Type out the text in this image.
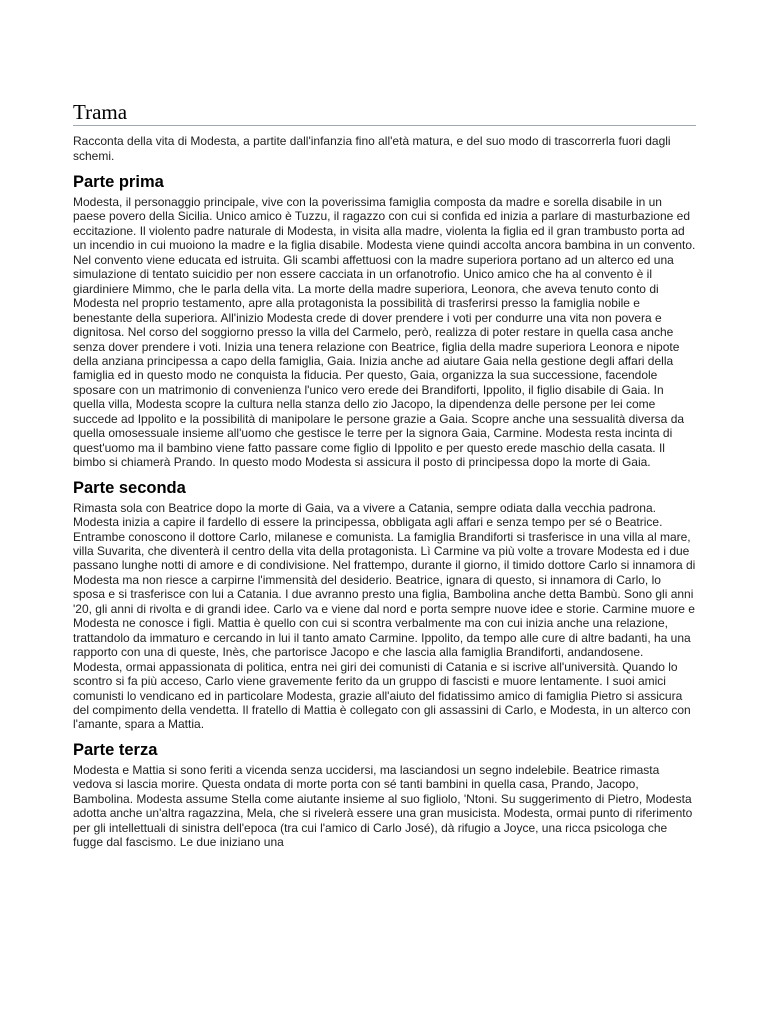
Trama

Racconta della vita di Modesta, a partite dall'infanzia fino all'età matura, e del suo modo di trascorrerla fuori dagli schemi.

Parte prima

Modesta, il personaggio principale, vive con la poverissima famiglia composta da madre e sorella disabile in un paese povero della Sicilia. Unico amico è Tuzzu, il ragazzo con cui si confida ed inizia a parlare di masturbazione ed eccitazione. Il violento padre naturale di Modesta, in visita alla madre, violenta la figlia ed il gran trambusto porta ad un incendio in cui muoiono la madre e la figlia disabile. Modesta viene quindi accolta ancora bambina in un convento. Nel convento viene educata ed istruita. Gli scambi affettuosi con la madre superiora portano ad un alterco ed una simulazione di tentato suicidio per non essere cacciata in un orfanotrofio. Unico amico che ha al convento è il giardiniere Mimmo, che le parla della vita. La morte della madre superiora, Leonora, che aveva tenuto conto di Modesta nel proprio testamento, apre alla protagonista la possibilità di trasferirsi presso la famiglia nobile e benestante della superiora. All'inizio Modesta crede di dover prendere i voti per condurre una vita non povera e dignitosa. Nel corso del soggiorno presso la villa del Carmelo, però, realizza di poter restare in quella casa anche senza dover prendere i voti. Inizia una tenera relazione con Beatrice, figlia della madre superiora Leonora e nipote della anziana principessa a capo della famiglia, Gaia. Inizia anche ad aiutare Gaia nella gestione degli affari della famiglia ed in questo modo ne conquista la fiducia. Per questo, Gaia, organizza la sua successione, facendole sposare con un matrimonio di convenienza l'unico vero erede dei Brandiforti, Ippolito, il figlio disabile di Gaia. In quella villa, Modesta scopre la cultura nella stanza dello zio Jacopo, la dipendenza delle persone per lei come succede ad Ippolito e la possibilità di manipolare le persone grazie a Gaia. Scopre anche una sessualità diversa da quella omosessuale insieme all'uomo che gestisce le terre per la signora Gaia, Carmine. Modesta resta incinta di quest'uomo ma il bambino viene fatto passare come figlio di Ippolito e per questo erede maschio della casata. Il bimbo si chiamerà Prando. In questo modo Modesta si assicura il posto di principessa dopo la morte di Gaia.

Parte seconda

Rimasta sola con Beatrice dopo la morte di Gaia, va a vivere a Catania, sempre odiata dalla vecchia padrona. Modesta inizia a capire il fardello di essere la principessa, obbligata agli affari e senza tempo per sé o Beatrice. Entrambe conoscono il dottore Carlo, milanese e comunista. La famiglia Brandiforti si trasferisce in una villa al mare, villa Suvarita, che diventerà il centro della vita della protagonista. Lì Carmine va più volte a trovare Modesta ed i due passano lunghe notti di amore e di condivisione. Nel frattempo, durante il giorno, il timido dottore Carlo si innamora di Modesta ma non riesce a carpirne l'immensità del desiderio. Beatrice, ignara di questo, si innamora di Carlo, lo sposa e si trasferisce con lui a Catania. I due avranno presto una figlia, Bambolina anche detta Bambù. Sono gli anni '20, gli anni di rivolta e di grandi idee. Carlo va e viene dal nord e porta sempre nuove idee e storie. Carmine muore e Modesta ne conosce i figli. Mattia è quello con cui si scontra verbalmente ma con cui inizia anche una relazione, trattandolo da immaturo e cercando in lui il tanto amato Carmine. Ippolito, da tempo alle cure di altre badanti, ha una rapporto con una di queste, Inès, che partorisce Jacopo e che lascia alla famiglia Brandiforti, andandosene. Modesta, ormai appassionata di politica, entra nei giri dei comunisti di Catania e si iscrive all'università. Quando lo scontro si fa più acceso, Carlo viene gravemente ferito da un gruppo di fascisti e muore lentamente. I suoi amici comunisti lo vendicano ed in particolare Modesta, grazie all'aiuto del fidatissimo amico di famiglia Pietro si assicura del compimento della vendetta. Il fratello di Mattia è collegato con gli assassini di Carlo, e Modesta, in un alterco con l'amante, spara a Mattia.

Parte terza

Modesta e Mattia si sono feriti a vicenda senza uccidersi, ma lasciandosi un segno indelebile. Beatrice rimasta vedova si lascia morire. Questa ondata di morte porta con sé tanti bambini in quella casa, Prando, Jacopo, Bambolina. Modesta assume Stella come aiutante insieme al suo figliolo, 'Ntoni. Su suggerimento di Pietro, Modesta adotta anche un'altra ragazzina, Mela, che si rivelerà essere una gran musicista. Modesta, ormai punto di riferimento per gli intellettuali di sinistra dell'epoca (tra cui l'amico di Carlo José), dà rifugio a Joyce, una ricca psicologa che fugge dal fascismo. Le due iniziano una
